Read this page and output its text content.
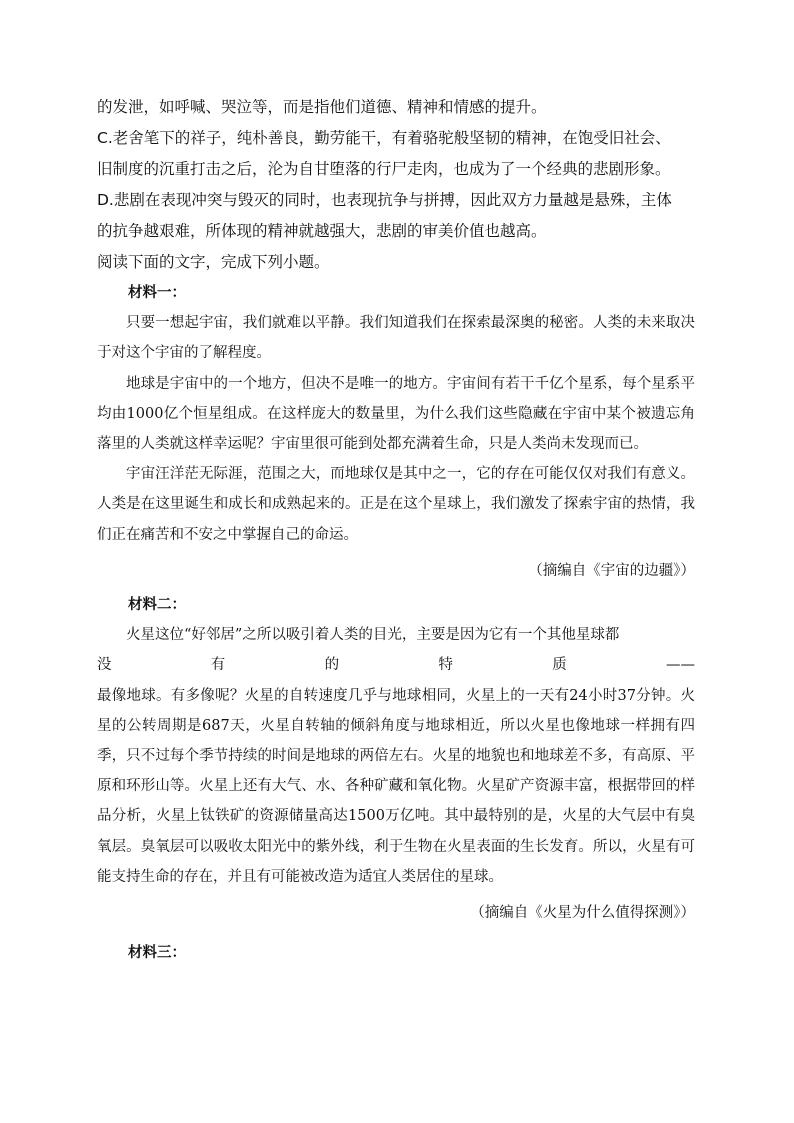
的发泄，如呼喊、哭泣等，而是指他们道德、精神和情感的提升。

C.老舍笔下的祥子，纯朴善良，勤劳能干，有着骆驼般坚韧的精神，在饱受旧社会、

旧制度的沉重打击之后，沦为自甘堕落的行尸走肉，也成为了一个经典的悲剧形象。

D.悲剧在表现冲突与毁灭的同时，也表现抗争与拼搏，因此双方力量越是悬殊，主体

的抗争越艰难，所体现的精神就越强大，悲剧的审美价值也越高。

阅读下面的文字，完成下列小题。

材料一：

只要一想起宇宙，我们就难以平静。我们知道我们在探索最深奥的秘密。人类的未来取决于对这个宇宙的了解程度。

地球是宇宙中的一个地方，但决不是唯一的地方。宇宙间有若干千亿个星系，每个星系平均由1000亿个恒星组成。在这样庞大的数量里，为什么我们这些隐藏在宇宙中某个被遗忘角落里的人类就这样幸运呢？宇宙里很可能到处都充满着生命，只是人类尚未发现而已。

宇宙汪洋茫无际涯，范围之大，而地球仅是其中之一，它的存在可能仅仅对我们有意义。人类是在这里诞生和成长和成熟起来的。正是在这个星球上，我们激发了探索宇宙的热情，我们正在痛苦和不安之中掌握自己的命运。

（摘编自《宇宙的边疆》）

材料二：

火星这位“好邻居”之所以吸引着人类的目光，主要是因为它有一个其他星球都

没	有	的	特	质	——

最像地球。有多像呢？火星的自转速度几乎与地球相同，火星上的一天有24小时37分钟。火星的公转周期是687天，火星自转轴的倾斜角度与地球相近，所以火星也像地球一样拥有四季，只不过每个季节持续的时间是地球的两倍左右。火星的地貌也和地球差不多，有高原、平原和环形山等。火星上还有大气、水、各种矿藏和氧化物。火星矿产资源丰富，根据带回的样品分析，火星上钛铁矿的资源储量高达1500万亿吨。其中最特别的是，火星的大气层中有臭氧层。臭氧层可以吸收太阳光中的紫外线，利于生物在火星表面的生长发育。所以，火星有可能支持生命的存在，并且有可能被改造为适宜人类居住的星球。

（摘编自《火星为什么值得探测》）

材料三：
